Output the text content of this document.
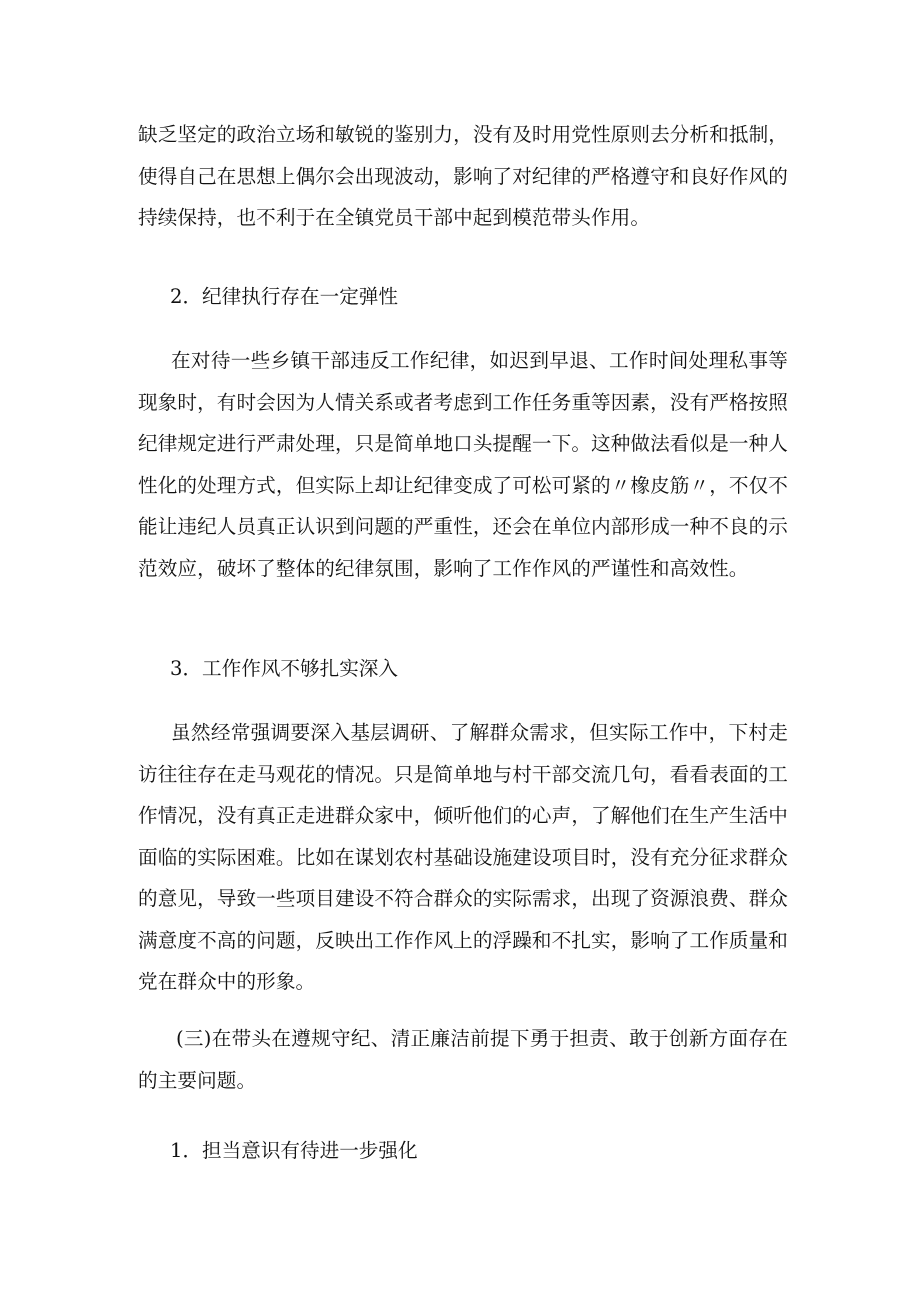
缺乏坚定的政治立场和敏锐的鉴别力，没有及时用党性原则去分析和抵制，使得自己在思想上偶尔会出现波动，影响了对纪律的严格遵守和良好作风的持续保持，也不利于在全镇党员干部中起到模范带头作用。

2．纪律执行存在一定弹性

在对待一些乡镇干部违反工作纪律，如迟到早退、工作时间处理私事等现象时，有时会因为人情关系或者考虑到工作任务重等因素，没有严格按照纪律规定进行严肃处理，只是简单地口头提醒一下。这种做法看似是一种人性化的处理方式，但实际上却让纪律变成了可松可紧的〃橡皮筋〃，不仅不能让违纪人员真正认识到问题的严重性，还会在单位内部形成一种不良的示范效应，破坏了整体的纪律氛围，影响了工作作风的严谨性和高效性。

3．工作作风不够扎实深入

虽然经常强调要深入基层调研、了解群众需求，但实际工作中，下村走访往往存在走马观花的情况。只是简单地与村干部交流几句，看看表面的工作情况，没有真正走进群众家中，倾听他们的心声，了解他们在生产生活中面临的实际困难。比如在谋划农村基础设施建设项目时，没有充分征求群众的意见，导致一些项目建设不符合群众的实际需求，出现了资源浪费、群众满意度不高的问题，反映出工作作风上的浮躁和不扎实，影响了工作质量和党在群众中的形象。

(三)在带头在遵规守纪、清正廉洁前提下勇于担责、敢于创新方面存在的主要问题。

1．担当意识有待进一步强化
